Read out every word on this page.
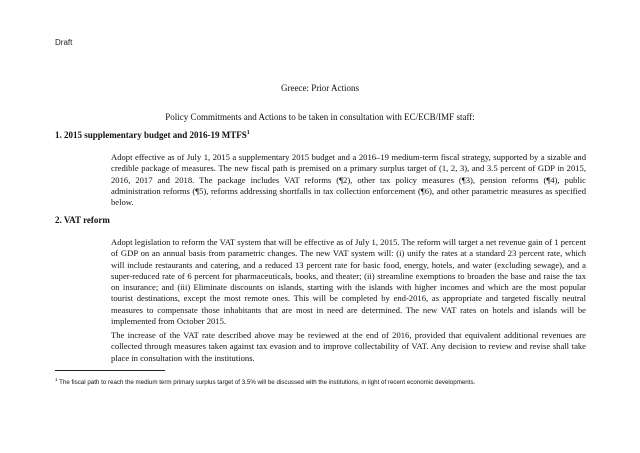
Draft
Greece: Prior Actions
Policy Commitments and Actions to be taken in consultation with EC/ECB/IMF staff:
1. 2015 supplementary budget and 2016-19 MTFS$^1$

Adopt effective as of July 1, 2015 a supplementary 2015 budget and a 2016–19 medium-term fiscal strategy, supported by a sizable and credible package of measures. The new fiscal path is premised on a primary surplus target of (1, 2, 3), and 3.5 percent of GDP in 2015, 2016, 2017 and 2018. The package includes VAT reforms (¶2), other tax policy measures (¶3), pension reforms (¶4), public administration reforms (¶5), reforms addressing shortfalls in tax collection enforcement (¶6), and other parametric measures as specified below.

2. VAT reform

Adopt legislation to reform the VAT system that will be effective as of July 1, 2015. The reform will target a net revenue gain of 1 percent of GDP on an annual basis from parametric changes. The new VAT system will: (i) unify the rates at a standard 23 percent rate, which will include restaurants and catering, and a reduced 13 percent rate for basic food, energy, hotels, and water (excluding sewage), and a super-reduced rate of 6 percent for pharmaceuticals, books, and theater; (ii) streamline exemptions to broaden the base and raise the tax on insurance; and (iii) Eliminate discounts on islands, starting with the islands with higher incomes and which are the most popular tourist destinations, except the most remote ones. This will be completed by end-2016, as appropriate and targeted fiscally neutral measures to compensate those inhabitants that are most in need are determined. The new VAT rates on hotels and islands will be implemented from October 2015.

The increase of the VAT rate described above may be reviewed at the end of 2016, provided that equivalent additional revenues are collected through measures taken against tax evasion and to improve collectability of VAT. Any decision to review and revise shall take place in consultation with the institutions.

$^1$ The fiscal path to reach the medium term primary surplus target of 3.5% will be discussed with the institutions, in light of recent economic developments.
